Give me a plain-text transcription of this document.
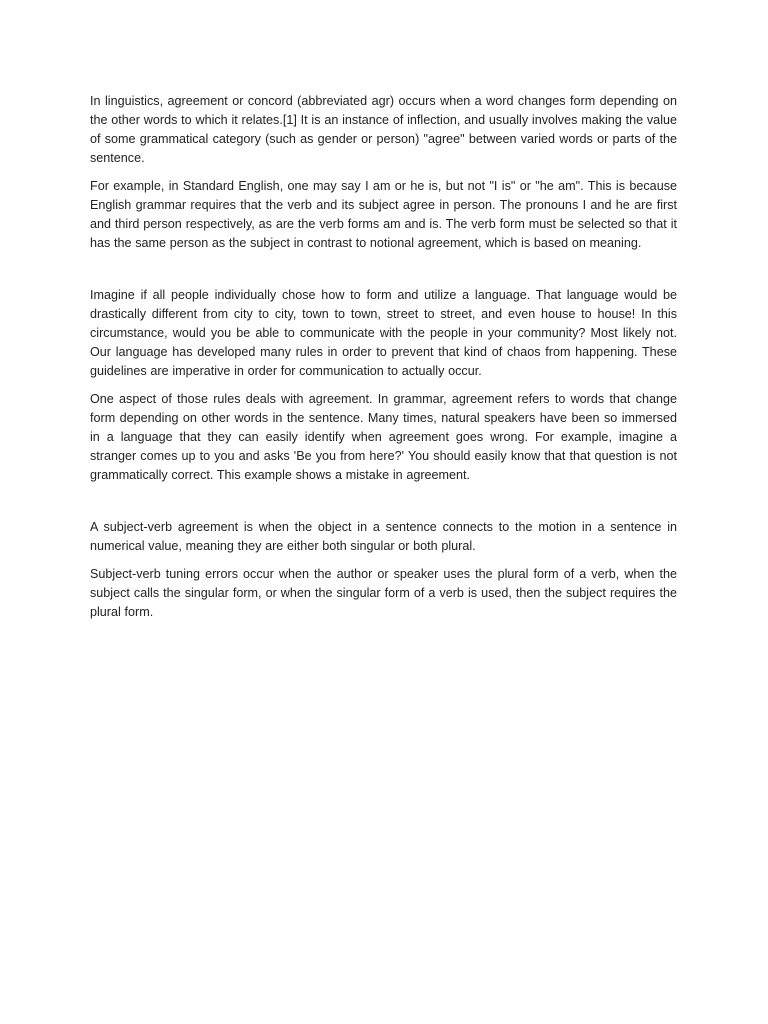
In linguistics, agreement or concord (abbreviated agr) occurs when a word changes form depending on the other words to which it relates.[1] It is an instance of inflection, and usually involves making the value of some grammatical category (such as gender or person) "agree" between varied words or parts of the sentence.

For example, in Standard English, one may say I am or he is, but not "I is" or "he am". This is because English grammar requires that the verb and its subject agree in person. The pronouns I and he are first and third person respectively, as are the verb forms am and is. The verb form must be selected so that it has the same person as the subject in contrast to notional agreement, which is based on meaning.

Imagine if all people individually chose how to form and utilize a language. That language would be drastically different from city to city, town to town, street to street, and even house to house! In this circumstance, would you be able to communicate with the people in your community? Most likely not. Our language has developed many rules in order to prevent that kind of chaos from happening. These guidelines are imperative in order for communication to actually occur.

One aspect of those rules deals with agreement. In grammar, agreement refers to words that change form depending on other words in the sentence. Many times, natural speakers have been so immersed in a language that they can easily identify when agreement goes wrong. For example, imagine a stranger comes up to you and asks 'Be you from here?' You should easily know that that question is not grammatically correct. This example shows a mistake in agreement.

A subject-verb agreement is when the object in a sentence connects to the motion in a sentence in numerical value, meaning they are either both singular or both plural.

Subject-verb tuning errors occur when the author or speaker uses the plural form of a verb, when the subject calls the singular form, or when the singular form of a verb is used, then the subject requires the plural form.
